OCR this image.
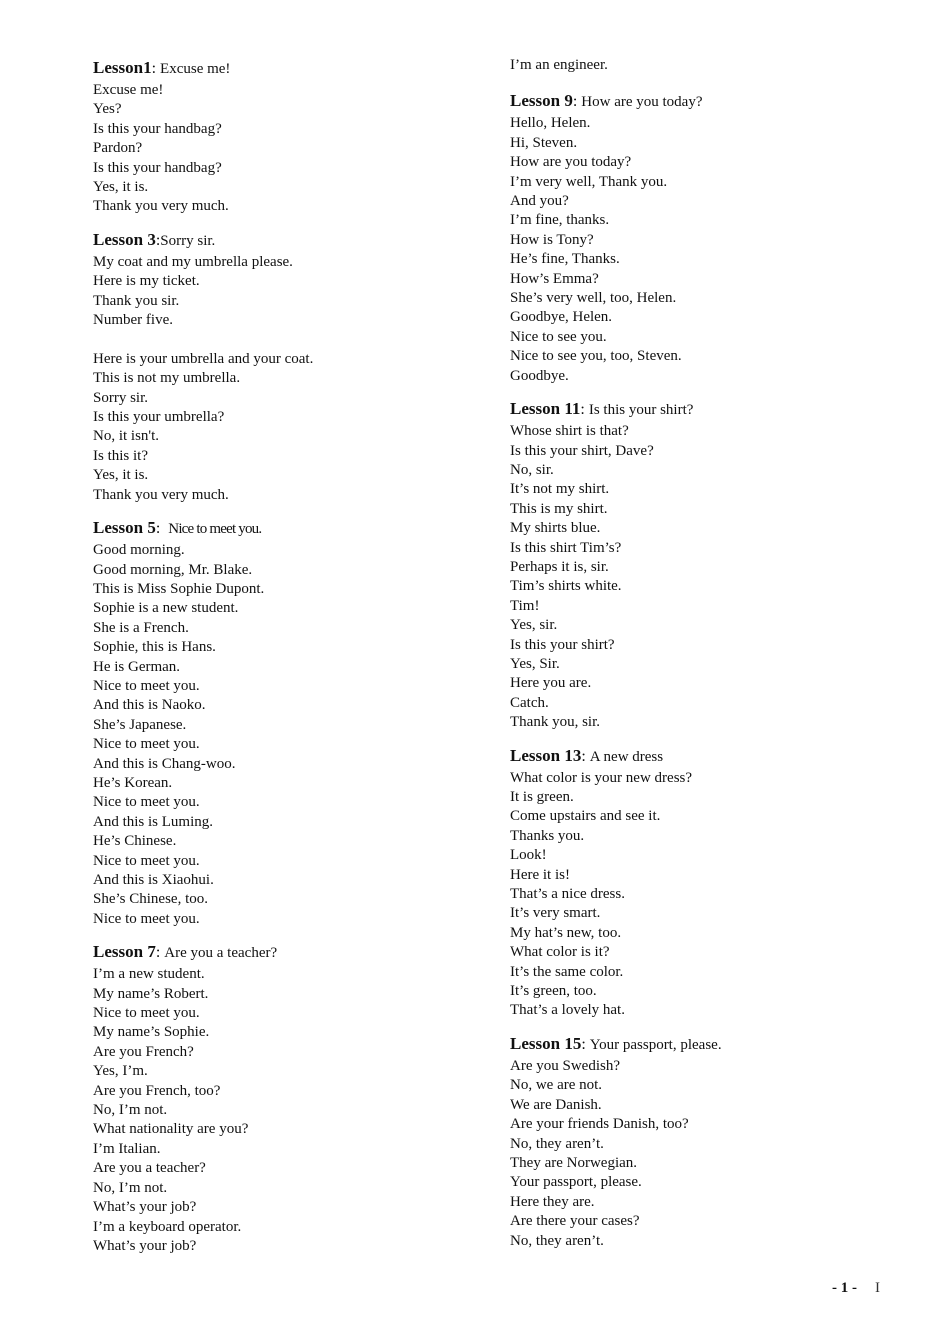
Lesson1: Excuse me!
Excuse me!
Yes?
Is this your handbag?
Pardon?
Is this your handbag?
Yes, it is.
Thank you very much.
Lesson 3:Sorry sir.
My coat and my umbrella please.
Here is my ticket.
Thank you sir.
Number five.
Here is your umbrella and your coat.
This is not my umbrella.
Sorry sir.
Is this your umbrella?
No, it isn't.
Is this it?
Yes, it is.
Thank you very much.
Lesson 5: Nice to meet you.
Good morning.
Good morning, Mr. Blake.
This is Miss Sophie Dupont.
Sophie is a new student.
She is a French.
Sophie, this is Hans.
He is German.
Nice to meet you.
And this is Naoko.
She’s Japanese.
Nice to meet you.
And this is Chang-woo.
He’s Korean.
Nice to meet you.
And this is Luming.
He’s Chinese.
Nice to meet you.
And this is Xiaohui.
She’s Chinese, too.
Nice to meet you.
Lesson 7: Are you a teacher?
I’m a new student.
My name’s Robert.
Nice to meet you.
My name’s Sophie.
Are you French?
Yes, I’m.
Are you French, too?
No, I’m not.
What nationality are you?
I’m Italian.
Are you a teacher?
No, I’m not.
What’s your job?
I’m a keyboard operator.
What’s your job?
I’m an engineer.
Lesson 9: How are you today?
Hello, Helen.
Hi, Steven.
How are you today?
I’m very well, Thank you.
And you?
I’m fine, thanks.
How is Tony?
He’s fine, Thanks.
How’s Emma?
She’s very well, too, Helen.
Goodbye, Helen.
Nice to see you.
Nice to see you, too, Steven.
Goodbye.
Lesson 11: Is this your shirt?
Whose shirt is that?
Is this your shirt, Dave?
No, sir.
It’s not my shirt.
This is my shirt.
My shirts blue.
Is this shirt Tim’s?
Perhaps it is, sir.
Tim’s shirts white.
Tim!
Yes, sir.
Is this your shirt?
Yes, Sir.
Here you are.
Catch.
Thank you, sir.
Lesson 13: A new dress
What color is your new dress?
It is green.
Come upstairs and see it.
Thanks you.
Look!
Here it is!
That’s a nice dress.
It’s very smart.
My hat’s new, too.
What color is it?
It’s the same color.
It’s green, too.
That’s a lovely hat.
Lesson 15: Your passport, please.
Are you Swedish?
No, we are not.
We are Danish.
Are your friends Danish, too?
No, they aren’t.
They are Norwegian.
Your passport, please.
Here they are.
Are there your cases?
No, they aren’t.
- 1 - I
